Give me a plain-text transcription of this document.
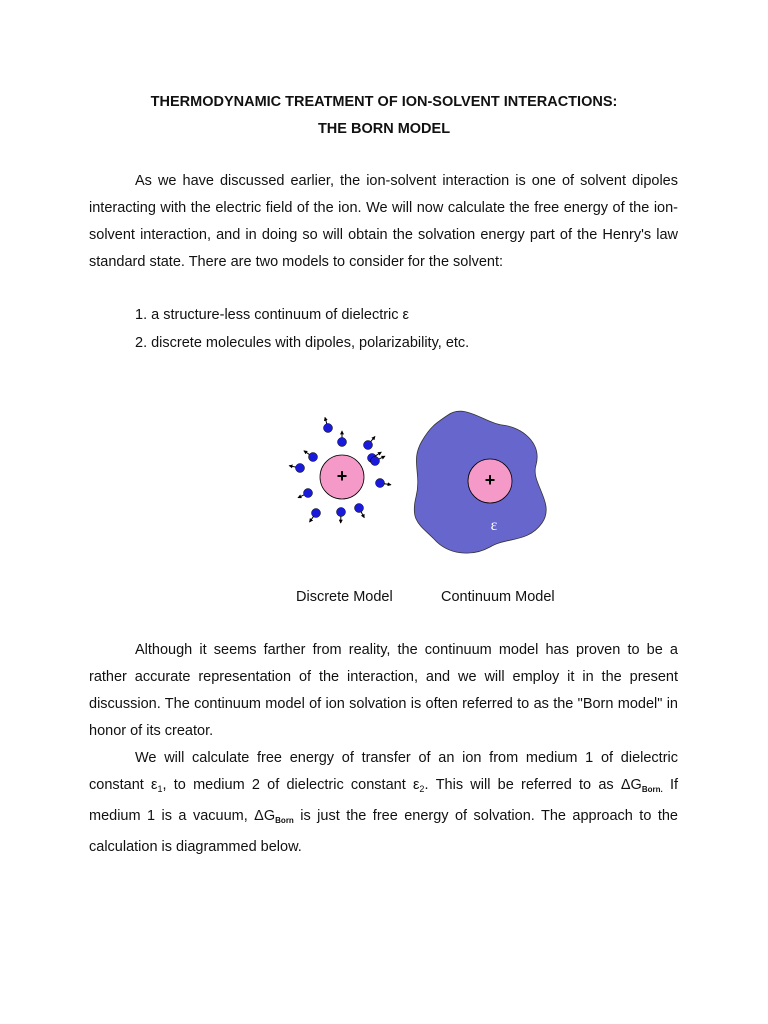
THERMODYNAMIC TREATMENT OF ION-SOLVENT INTERACTIONS:
THE BORN MODEL

As we have discussed earlier, the ion-solvent interaction is one of solvent dipoles interacting with the electric field of the ion. We will now calculate the free energy of the ion-solvent interaction, and in doing so will obtain the solvation energy part of the Henry's law standard state. There are two models to consider for the solvent:

1. a structure-less continuum of dielectric ε
2. discrete molecules with dipoles, polarizability, etc.
+	+
ε
Discrete Model	Continuum Model

Although it seems farther from reality, the continuum model has proven to be a rather accurate representation of the interaction, and we will employ it in the present discussion. The continuum model of ion solvation is often referred to as the "Born model" in honor of its creator.

We will calculate free energy of transfer of an ion from medium 1 of dielectric constant $\varepsilon_1$, to medium 2 of dielectric constant $\varepsilon_2$. This will be referred to as $\Delta G_{Born.}$ If medium 1 is a vacuum, $\Delta G_{Born}$ is just the free energy of solvation. The approach to the calculation is diagrammed below.
